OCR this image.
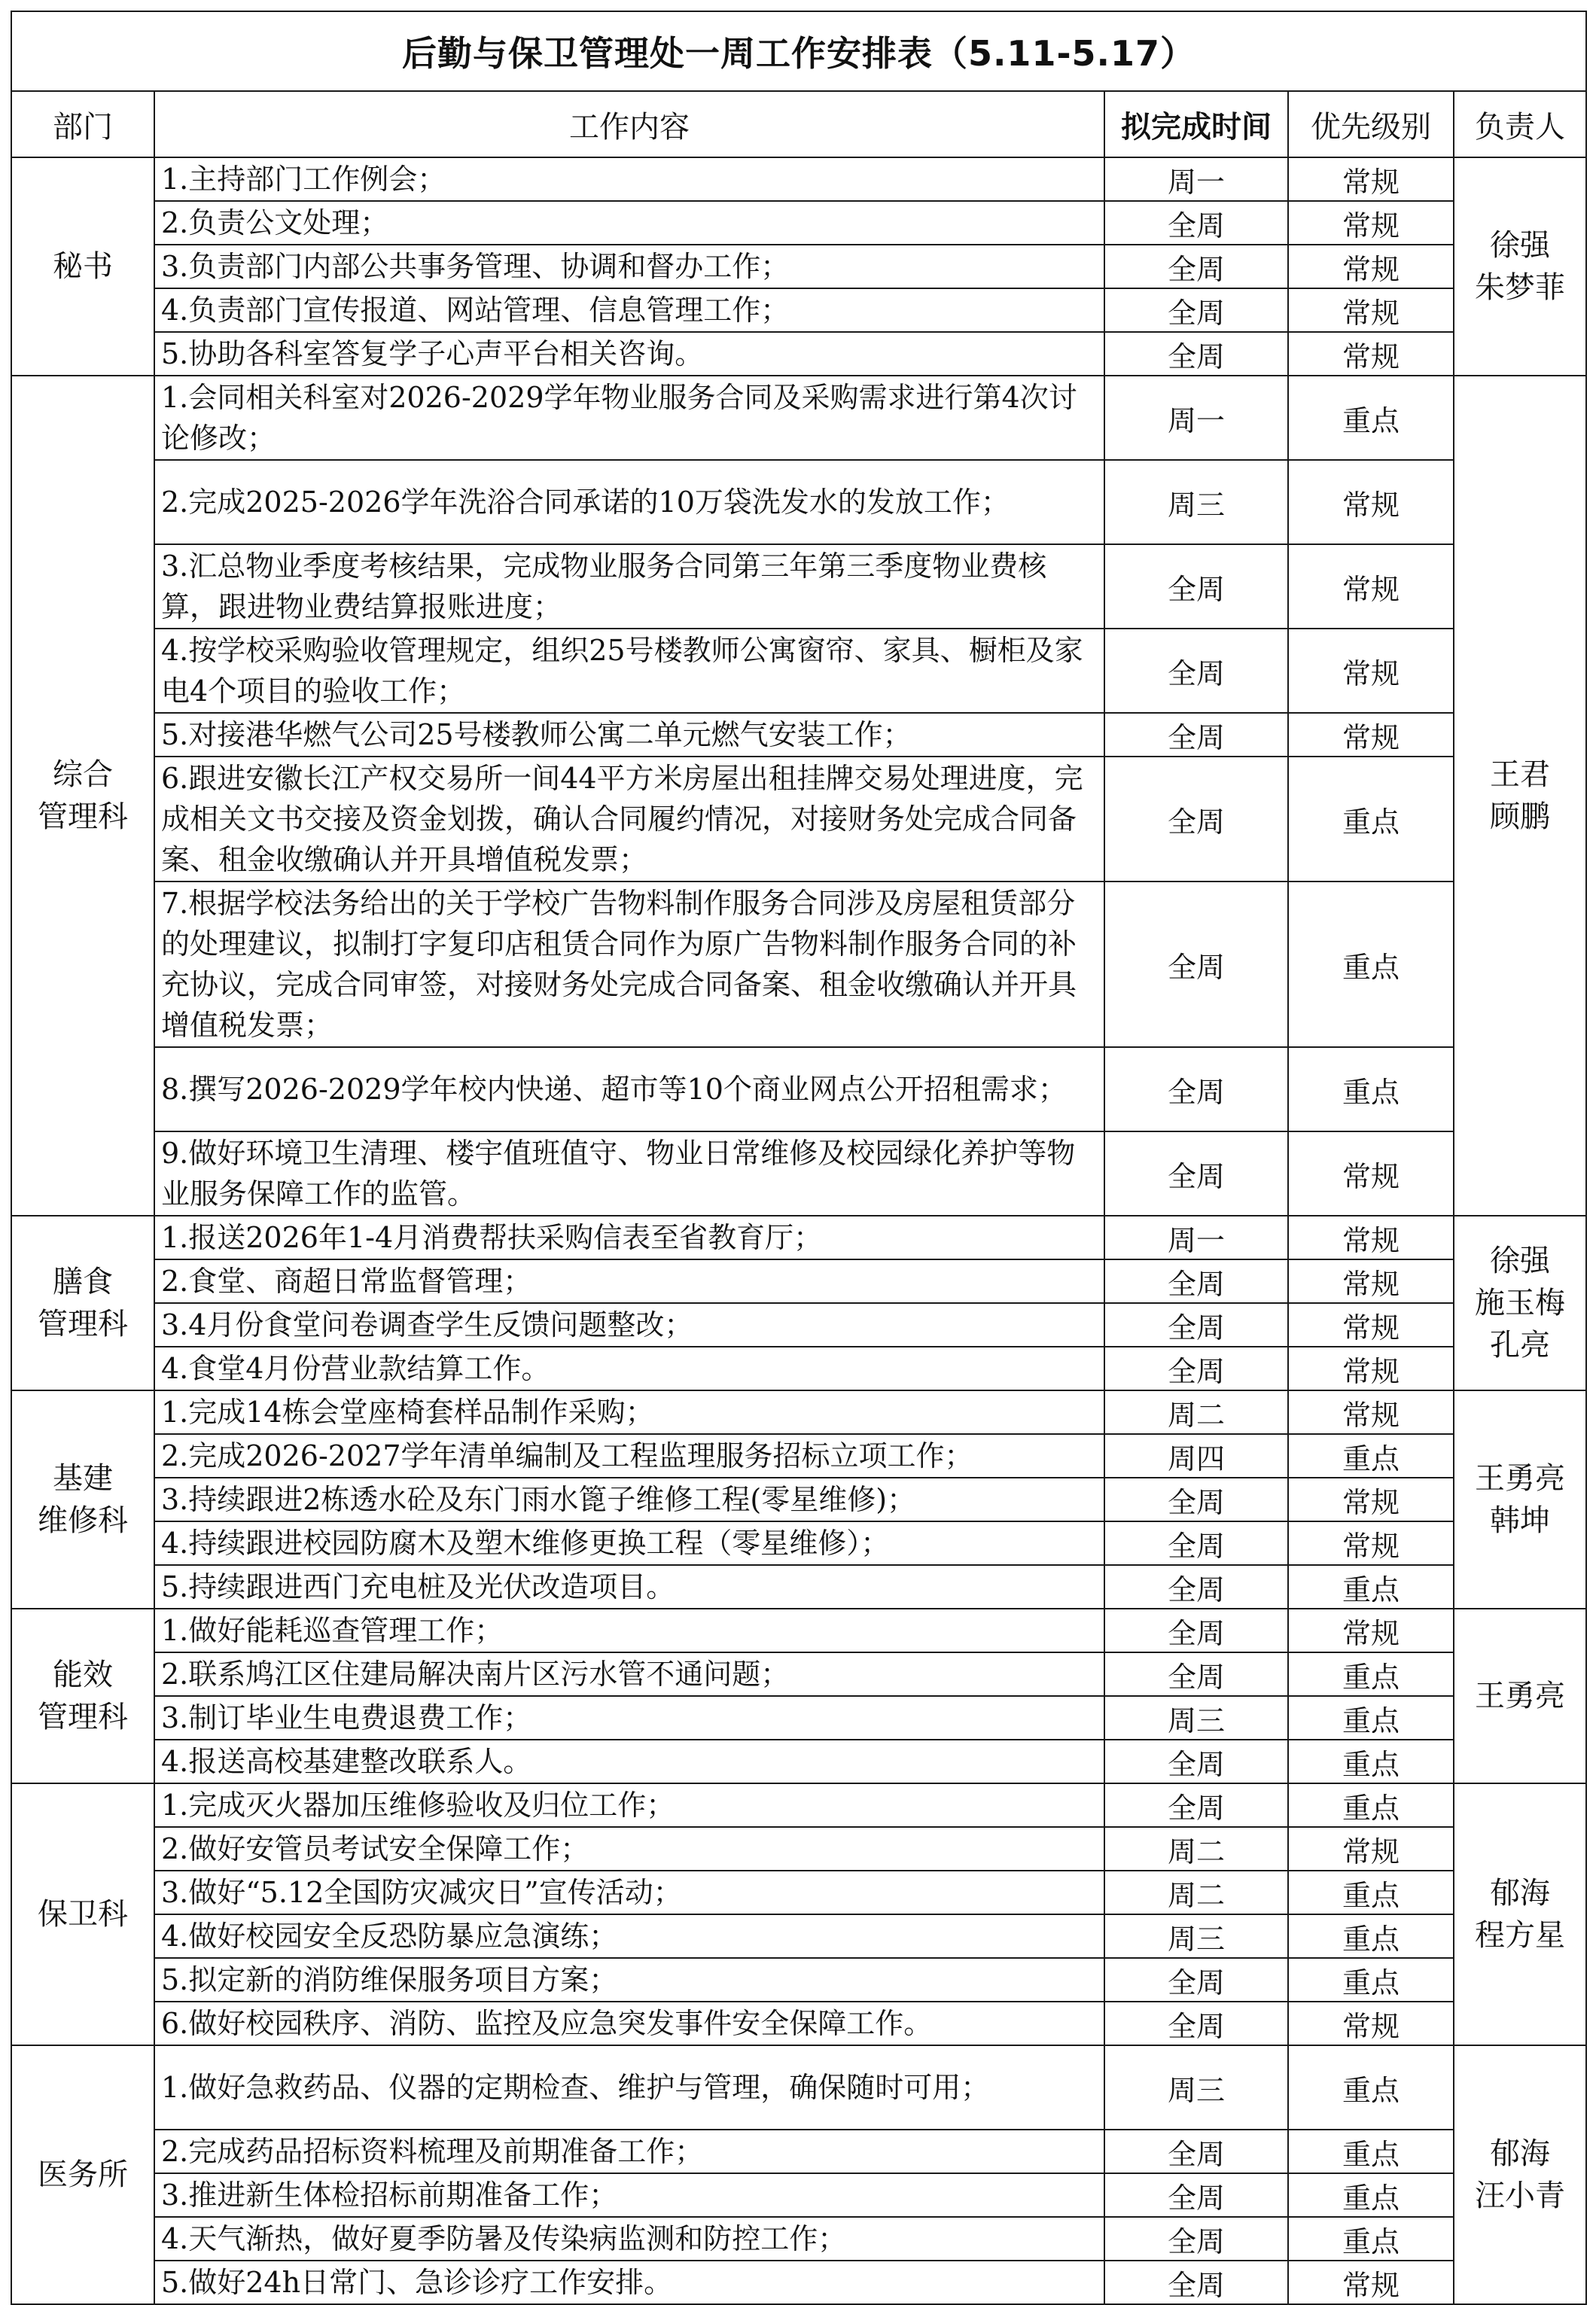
后勤与保卫管理处一周工作安排表（5.11-5.17）				
部门	工作内容	拟完成时间	优先级别	负责人
秘书	1.主持部门工作例会；	周一	常规	徐强
朱梦菲
	2.负责公文处理；	全周	常规	
	3.负责部门内部公共事务管理、协调和督办工作；	全周	常规	
	4.负责部门宣传报道、网站管理、信息管理工作；	全周	常规	
	5.协助各科室答复学子心声平台相关咨询。	全周	常规	
综合
管理科	1.会同相关科室对2026-2029学年物业服务合同及采购需求进行第4次讨论修改；	周一	重点	王君
顾鹏
	2.完成2025-2026学年洗浴合同承诺的10万袋洗发水的发放工作；	周三	常规	
	3.汇总物业季度考核结果，完成物业服务合同第三年第三季度物业费核算，跟进物业费结算报账进度；	全周	常规	
	4.按学校采购验收管理规定，组织25号楼教师公寓窗帘、家具、橱柜及家电4个项目的验收工作；	全周	常规	
	5.对接港华燃气公司25号楼教师公寓二单元燃气安装工作；	全周	常规	
	6.跟进安徽长江产权交易所一间44平方米房屋出租挂牌交易处理进度，完成相关文书交接及资金划拨，确认合同履约情况，对接财务处完成合同备案、租金收缴确认并开具增值税发票；	全周	重点	
	7.根据学校法务给出的关于学校广告物料制作服务合同涉及房屋租赁部分的处理建议，拟制打字复印店租赁合同作为原广告物料制作服务合同的补充协议，完成合同审签，对接财务处完成合同备案、租金收缴确认并开具增值税发票；	全周	重点	
	8.撰写2026-2029学年校内快递、超市等10个商业网点公开招租需求；	全周	重点	
	9.做好环境卫生清理、楼宇值班值守、物业日常维修及校园绿化养护等物业服务保障工作的监管。	全周	常规	
膳食
管理科	1.报送2026年1-4月消费帮扶采购信表至省教育厅；	周一	常规	徐强
施玉梅
孔亮
	2.食堂、商超日常监督管理；	全周	常规	
	3.4月份食堂问卷调查学生反馈问题整改；	全周	常规	
	4.食堂4月份营业款结算工作。	全周	常规	
基建
维修科	1.完成14栋会堂座椅套样品制作采购；	周二	常规	王勇亮
韩坤
	2.完成2026-2027学年清单编制及工程监理服务招标立项工作；	周四	重点	
	3.持续跟进2栋透水砼及东门雨水篦子维修工程(零星维修)；	全周	常规	
	4.持续跟进校园防腐木及塑木维修更换工程（零星维修）；	全周	常规	
	5.持续跟进西门充电桩及光伏改造项目。	全周	重点	
能效
管理科	1.做好能耗巡查管理工作；	全周	常规	王勇亮
	2.联系鸠江区住建局解决南片区污水管不通问题；	全周	重点	
	3.制订毕业生电费退费工作；	周三	重点	
	4.报送高校基建整改联系人。	全周	重点	
保卫科	1.完成灭火器加压维修验收及归位工作；	全周	重点	郁海
程方星
	2.做好安管员考试安全保障工作；	周二	常规	
	3.做好“5.12全国防灾减灾日”宣传活动；	周二	重点	
	4.做好校园安全反恐防暴应急演练；	周三	重点	
	5.拟定新的消防维保服务项目方案；	全周	重点	
	6.做好校园秩序、消防、监控及应急突发事件安全保障工作。	全周	常规	
医务所	1.做好急救药品、仪器的定期检查、维护与管理，确保随时可用；	周三	重点	郁海
汪小青
	2.完成药品招标资料梳理及前期准备工作；	全周	重点	
	3.推进新生体检招标前期准备工作；	全周	重点	
	4.天气渐热，做好夏季防暑及传染病监测和防控工作；	全周	重点	
	5.做好24h日常门、急诊诊疗工作安排。	全周	常规	
